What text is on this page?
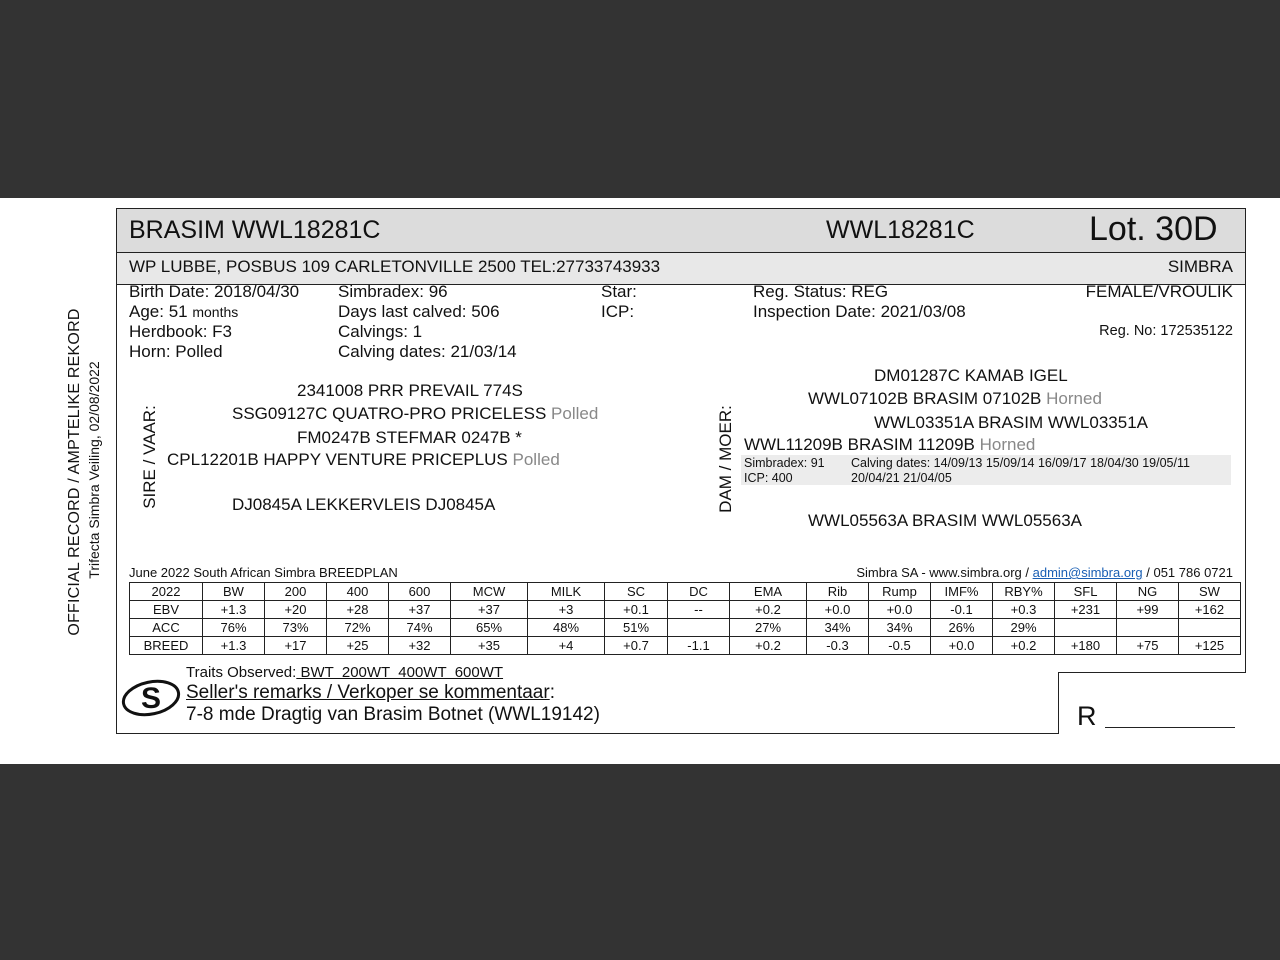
OFFICIAL RECORD / AMPTELIKE REKORD Trifecta Simbra Veiling, 02/08/2022
BRASIM WWL18281C	WWL18281C	Lot. 30D
WP LUBBE, POSBUS 109 CARLETONVILLE 2500 TEL:27733743933	SIMBRA
Birth Date: 2018/04/30
Age: 51 months
Herdbook: F3
Horn: Polled
Simbradex: 96
Days last calved: 506
Calvings: 1
Calving dates: 21/03/14
Star:
ICP:
Reg. Status: REG
Inspection Date: 2021/03/08
FEMALE/VROULIK
Reg. No: 172535122
SIRE / VAAR:
2341008 PRR PREVAIL 774S
SSG09127C QUATRO-PRO PRICELESS Polled
FM0247B STEFMAR 0247B *
CPL12201B HAPPY VENTURE PRICEPLUS Polled
DJ0845A LEKKERVLEIS DJ0845A	DAM / MOER:
DM01287C KAMAB IGEL
WWL07102B BRASIM 07102B Horned
WWL03351A BRASIM WWL03351A
WWL11209B BRASIM 11209B Horned
Simbradex: 91
ICP: 400
Calving dates: 14/09/13 15/09/14 16/09/17 18/04/30 19/05/11
20/04/21 21/04/05
WWL05563A BRASIM WWL05563A
June 2022 South African Simbra BREEDPLAN	Simbra SA - www.simbra.org / admin@simbra.org / 051 786 0721
2022	BW	200	400	600	MCW	MILK	SC	DC	EMA	Rib	Rump	IMF%	RBY%	SFL	NG	SW
EBV	+1.3	+20	+28	+37	+37	+3	+0.1	--	+0.2	+0.0	+0.0	-0.1	+0.3	+231	+99	+162
ACC	76%	73%	72%	74%	65%	48%	51%		27%	34%	34%	26%	29%			
BREED	+1.3	+17	+25	+32	+35	+4	+0.7	-1.1	+0.2	-0.3	-0.5	+0.0	+0.2	+180	+75	+125
S
Traits Observed: BWT  200WT  400WT  600WT
Seller's remarks / Verkoper se kommentaar:
7-8 mde Dragtig van Brasim Botnet (WWL19142)	R
